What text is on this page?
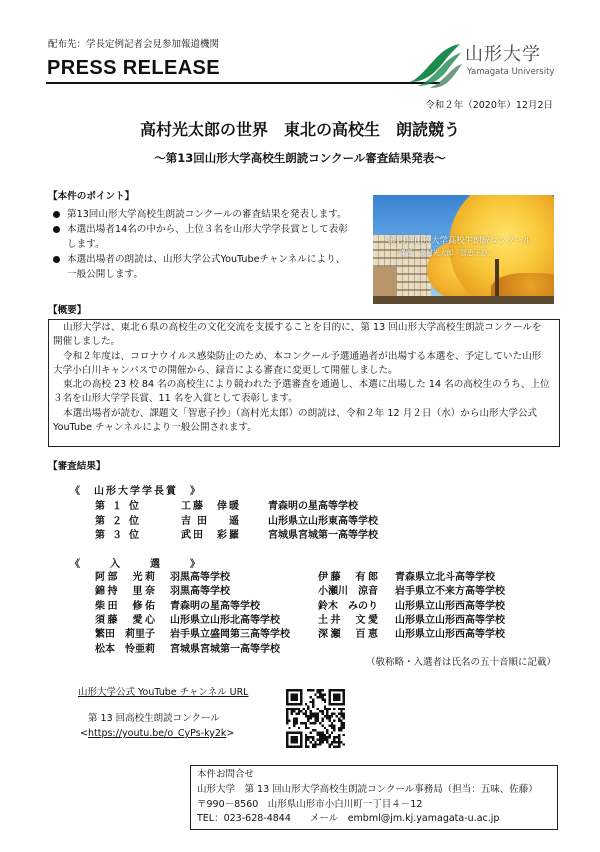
配布先：学長定例記者会見参加報道機関
PRESS RELEASE
山形大学
Yamagata University
令和２年（2020年）12月2日
高村光太郎の世界　東北の高校生　朗読競う
～第13回山形大学高校生朗読コンクール審査結果発表～
【本件のポイント】
第13回山形大学高校生朗読コンクールの審査結果を発表します。
本選出場者14名の中から、上位３名を山形大学学長賞として表彰
します。
本選出場者の朗読は、山形大学公式YouTubeチャンネルにより、
一般公開します。
第13回山形大学高校生朗読コンクール
課題　高村光太郎「智恵子抄」
【概要】
山形大学は、東北６県の高校生の文化交流を支援することを目的に、第 13 回山形大学高校生朗読コンクールを
開催しました。
令和２年度は、コロナウイルス感染防止のため、本コンクール予選通過者が出場する本選を、予定していた山形
大学小白川キャンパスでの開催から、録音による審査に変更して開催しました。
東北の高校 23 校 84 名の高校生により競われた予選審査を通過し、本選に出場した 14 名の高校生のうち、上位
３名を山形大学学長賞、11 名を入賞として表彰します。
本選出場者が読む、課題文「智恵子抄」（高村光太郎）の朗読は、令和２年 12 月２日（水）から山形大学公式
YouTube チャンネルにより一般公開されます。
【審査結果】
《　山形大学学長賞　》
第１位	工藤　倖暖	青森明の星高等学校
第２位	吉田　遥	山形県立山形東高等学校
第３位	武田　彩羅	宮城県宮城第一高等学校
《　　入　　選　　》
阿部　光莉 羽黒高等学校
錦持　里奈 羽黒高等学校
柴田　修佑 青森明の星高等学校
須藤　愛心 山形県立山形北高等学校
繁田　莉里子 岩手県立盛岡第三高等学校
松本　怜亜莉 宮城県宮城第一高等学校
伊藤　有郎 青森県立北斗高等学校
小瀬川　涼音 岩手県立不来方高等学校
鈴木　みのり 山形県立山形西高等学校
土井　文愛 山形県立山形西高等学校
深瀬　百恵 山形県立山形西高等学校
（敬称略・入選者は氏名の五十音順に記載）
山形大学公式 YouTube チャンネル URL
第 13 回高校生朗読コンクール
<https://youtu.be/o_CyPs-ky2k>
本件お問合せ
山形大学　第 13 回山形大学高校生朗読コンクール事務局（担当：五味、佐藤）
〒990－8560　山形県山形市小白川町一丁目４－12
TEL：023-628-4844　　メール　embml@jm.kj.yamagata-u.ac.jp
